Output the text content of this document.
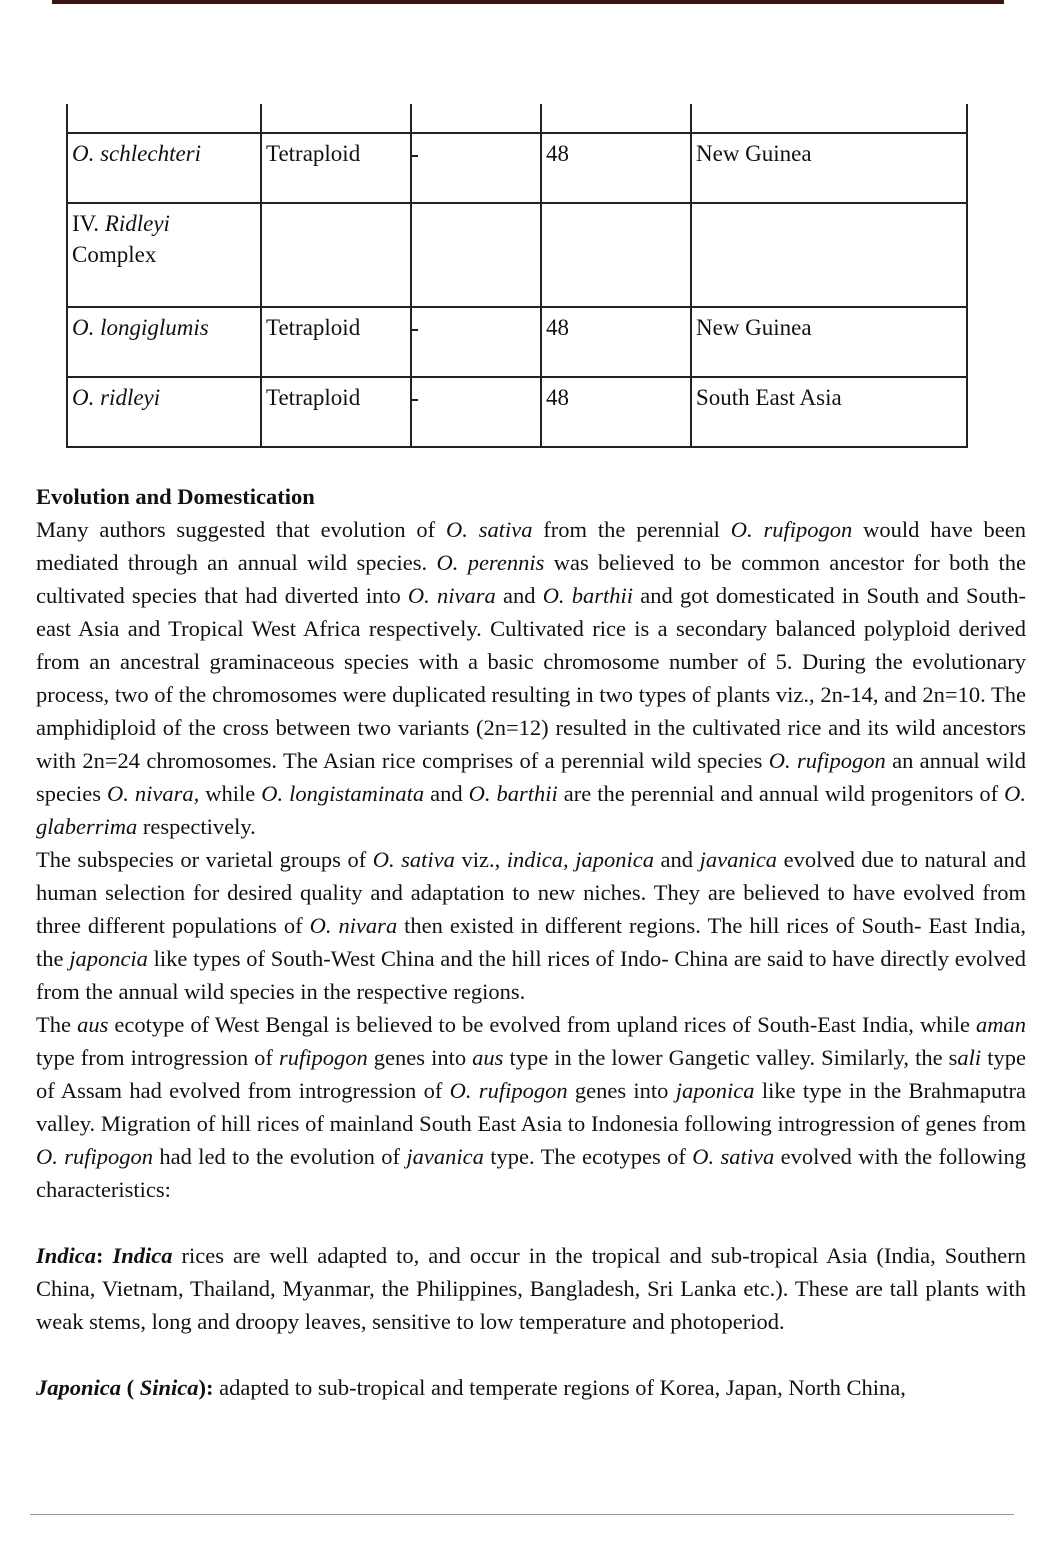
O. schlechteri	Tetraploid		48	New Guinea
IV. Ridleyi
Complex				
O. longiglumis	Tetraploid		48	New Guinea
O. ridleyi	Tetraploid		48	South East Asia

Evolution and Domestication

Many authors suggested that evolution of O. sativa from the perennial O. rufipogon would have been mediated through an annual wild species. O. perennis was believed to be common ancestor for both the cultivated species that had diverted into O. nivara and O. barthii and got domesticated in South and South-east Asia and Tropical West Africa respectively. Cultivated rice is a secondary balanced polyploid derived from an ancestral graminaceous species with a basic chromosome number of 5. During the evolutionary process, two of the chromosomes were duplicated resulting in two types of plants viz., 2n-14, and 2n=10. The amphidiploid of the cross between two variants (2n=12) resulted in the cultivated rice and its wild ancestors with 2n=24 chromosomes. The Asian rice comprises of a perennial wild species O. rufipogon an annual wild species O. nivara, while O. longistaminata and O. barthii are the perennial and annual wild progenitors of O. glaberrima respectively.

The subspecies or varietal groups of O. sativa viz., indica, japonica and javanica evolved due to natural and human selection for desired quality and adaptation to new niches. They are believed to have evolved from three different populations of O. nivara then existed in different regions. The hill rices of South- East India, the japoncia like types of South-West China and the hill rices of Indo- China are said to have directly evolved from the annual wild species in the respective regions.

The aus ecotype of West Bengal is believed to be evolved from upland rices of South-East India, while aman type from introgression of rufipogon genes into aus type in the lower Gangetic valley. Similarly, the sali type of Assam had evolved from introgression of O. rufipogon genes into japonica like type in the Brahmaputra valley. Migration of hill rices of mainland South East Asia to Indonesia following introgression of genes from O. rufipogon had led to the evolution of javanica type. The ecotypes of O. sativa evolved with the following characteristics:

Indica: Indica rices are well adapted to, and occur in the tropical and sub-tropical Asia (India, Southern China, Vietnam, Thailand, Myanmar, the Philippines, Bangladesh, Sri Lanka etc.). These are tall plants with weak stems, long and droopy leaves, sensitive to low temperature and photoperiod.

Japonica ( Sinica): adapted to sub-tropical and temperate regions of Korea, Japan, North China,
